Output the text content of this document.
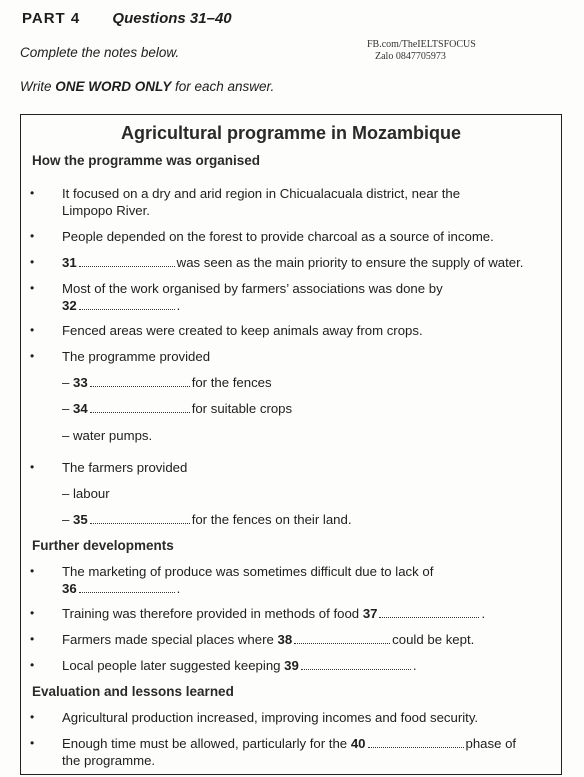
PART 4 Questions 31–40
Complete the notes below.
Write ONE WORD ONLY for each answer.
FB.com/TheIELTSFOCUS
Zalo 0847705973
Agricultural programme in Mozambique
How the programme was organised
• It focused on a dry and arid region in Chicualacuala district, near the
Limpopo River.
• People depended on the forest to provide charcoal as a source of income.
• 31	was seen as the main priority to ensure the supply of water.
• Most of the work organised by farmers’ associations was done by
32	.
• Fenced areas were created to keep animals away from crops.
• The programme provided
– 33	for the fences
– 34	for suitable crops
– water pumps.
• The farmers provided
– labour
– 35	for the fences on their land.
Further developments
• The marketing of produce was sometimes difficult due to lack of
36	.
• Training was therefore provided in methods of food 37	.
• Farmers made special places where 38	could be kept.
• Local people later suggested keeping 39	.
Evaluation and lessons learned
• Agricultural production increased, improving incomes and food security.
• Enough time must be allowed, particularly for the 40	phase of
the programme.
